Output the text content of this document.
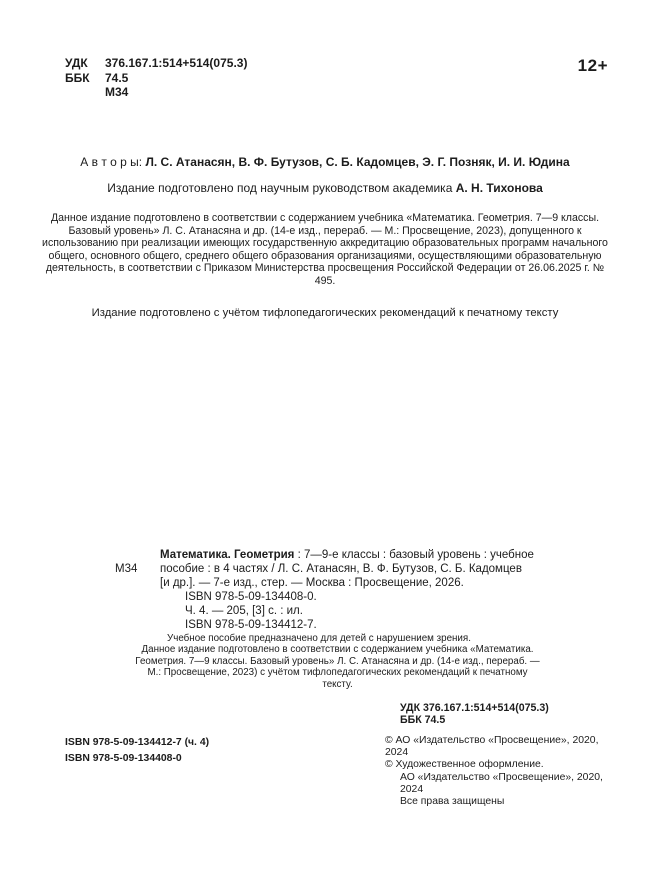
УДК 376.167.1:514+514(075.3)
ББК 74.5
М34
12+
А в т о р ы: Л. С. Атанасян, В. Ф. Бутузов, С. Б. Кадомцев, Э. Г. Позняк, И. И. Юдина
Издание подготовлено под научным руководством академика А. Н. Тихонова
Данное издание подготовлено в соответствии с содержанием учебника «Математика. Геометрия. 7—9 классы. Базовый уровень» Л. С. Атанасяна и др. (14-е изд., перераб. — М.: Просвещение, 2023), допущенного к использованию при реализации имеющих государственную аккредитацию образовательных программ начального общего, основного общего, среднего общего образования организациями, осуществляющими образовательную деятельность, в соответствии с Приказом Министерства просвещения Российской Федерации от 26.06.2025 г. № 495.
Издание подготовлено с учётом тифлопедагогических рекомендаций к печатному тексту
М34
Математика. Геометрия : 7—9-е классы : базовый уровень : учебное
пособие : в 4 частях / Л. С. Атанасян, В. Ф. Бутузов, С. Б. Кадомцев
[и др.]. — 7-е изд., стер. — Москва : Просвещение, 2026.
ISBN 978-5-09-134408-0.
Ч. 4. — 205, [3] с. : ил.
ISBN 978-5-09-134412-7.
Учебное пособие предназначено для детей с нарушением зрения.
Данное издание подготовлено в соответствии с содержанием учебника «Математика. Геометрия. 7—9 классы. Базовый уровень» Л. С. Атанасяна и др. (14-е изд., перераб. — М.: Просвещение, 2023) с учётом тифлопедагогических рекомендаций к печатному тексту.
УДК 376.167.1:514+514(075.3)
ББК 74.5
ISBN 978-5-09-134412-7 (ч. 4)
ISBN 978-5-09-134408-0
© АО «Издательство «Просвещение», 2020, 2024
© Художественное оформление.
АО «Издательство «Просвещение», 2020, 2024
Все права защищены
